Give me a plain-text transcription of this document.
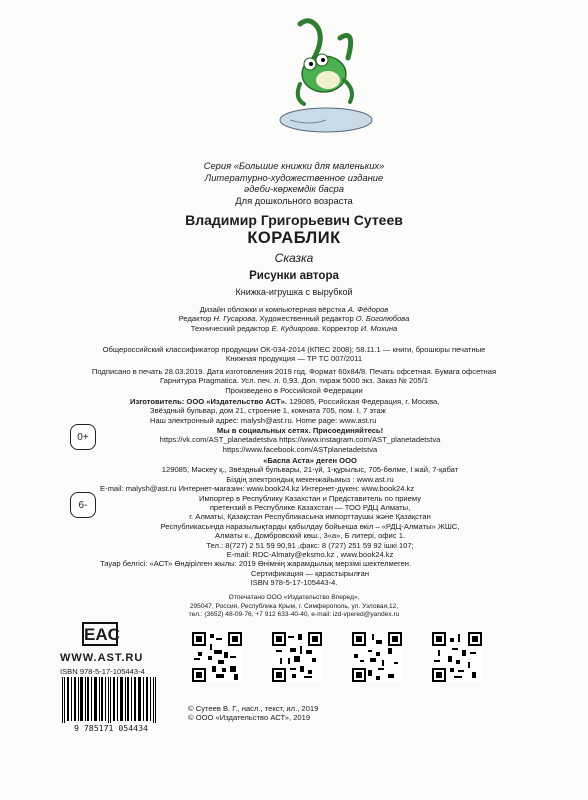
Серия «Большие книжки для маленьких»
Литературно-художественное издание
әдеби-көркемдік басра
Для дошкольного возраста
Владимир Григорьевич Сутеев
КОРАБЛИК
Сказка
Рисунки автора
Книжка-игрушка с вырубкой
Дизайн обложки и компьютерная вёрстка А. Фёдоров
Редактор Н. Гусарова. Художественный редактор О. Боголюбова
Технический редактор Е. Кудиярова. Корректор И. Мохина
Общероссийский классификатор продукции ОК-034-2014 (КПЕС 2008); 58.11.1 — книги, брошюры печатные
Книжная продукция — ТР ТС 007/2011
Подписано в печать 28.03.2019. Дата изготовления 2019 год. Формат 60x84/8. Печать офсетная. Бумага офсетная
Гарнитура Pragmatica. Усл. печ. л. 0,93. Доп. тираж 5000 экз. Заказ № 205/1
Произведено в Российской Федерации
0+
6-
Изготовитель: ООО «Издательство АСТ». 129085, Российская Федерация, г. Москва,
Звёздный бульвар, дом 21, строение 1, комната 705, пом. I, 7 этаж
Наш электронный адрес: malysh@ast.ru. Home page: www.ast.ru
Мы в социальных сетях. Присоединяйтесь!
https://vk.com/AST_planetadetstva https://www.instagram.com/AST_planetadetstva
https://www.facebook.com/ASTplanetadetstva
«Баспа Аста» деген ООО
129085, Мәскеу қ., Звёздный бульвары, 21-үй, 1-құрылыс, 705-бөлме, I жай, 7-қабат
Біздің электрондық мекенжайымыз : www.ast.ru
E-mail: malysh@ast.ru Интернет-магазин: www.book24.kz Интернет-дүкен: www.book24.kz
Импортер в Республику Казахстан и Представитель по приему
претензий в Республике Казахстан — ТОО РДЦ Алматы,
г. Алматы, Қазақстан Республикасына импорттаушы және Қазақстан
Республикасында наразылықтарды қабылдау бойынша өкіл – «РДЦ-Алматы» ЖШС,
Алматы к., Домбровский көш., 3«а», Б литері, офис 1.
Тел.: 8(727) 2 51 59 90,91 ,факс: 8 (727) 251 59 92 ішкі 107;
E-mail: RDC-Almaty@eksmo.kz , www.book24.kz
Тауар белгісі: «АСТ» Өндірілген жылы: 2019 Өнімнің жарамдылық мерзімі шектелмеген.
Сертификация — қарастырылған
ISBN 978-5-17-105443-4.
Отпечатано ООО «Издательство Вперед»,
295047, Россия, Республика Крым, г. Симферополь, ул. Узловая,12,
тел.: (3652) 48-09-76, +7 912 633-40-40, e-mail: izd-vpered@yandex.ru
EAC
WWW.AST.RU
ISBN 978-5-17-105443-4
9 785171 054434
© Сутеев В. Г., насл., текст, ил., 2019
© ООО «Издательство АСТ», 2019
